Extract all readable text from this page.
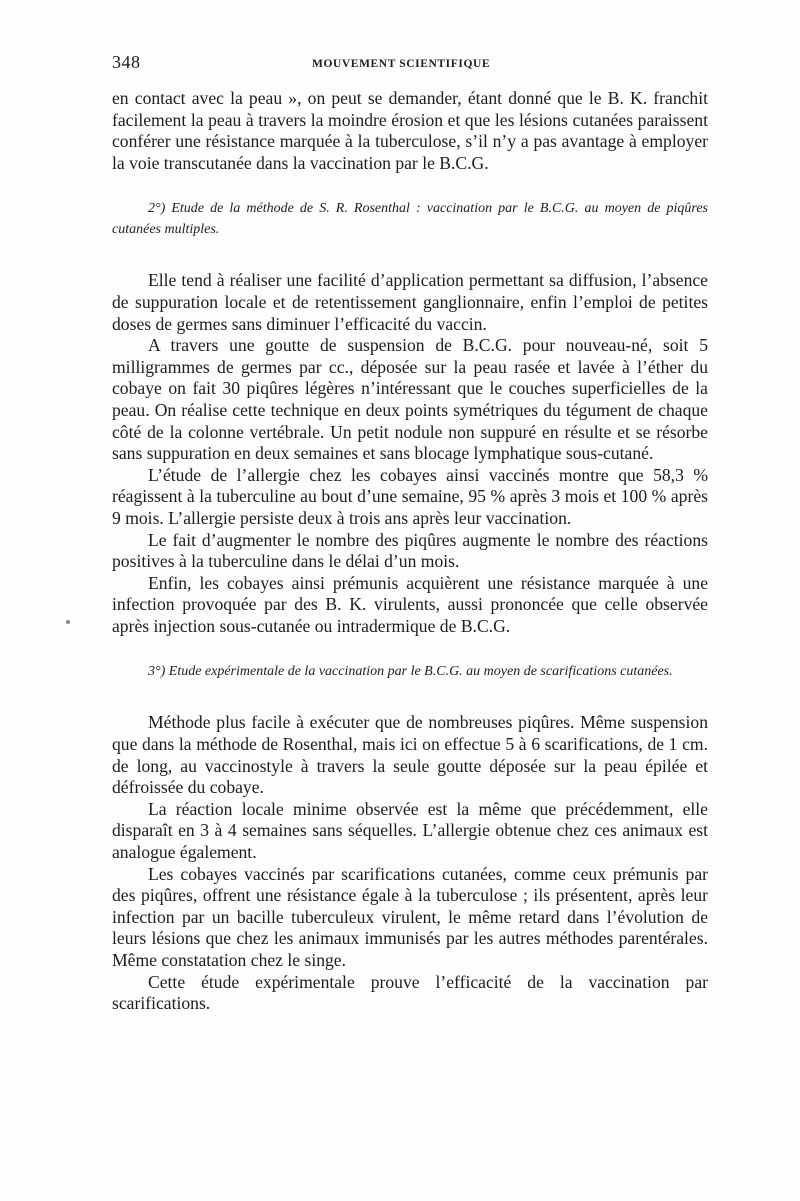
348	MOUVEMENT SCIENTIFIQUE

en contact avec la peau », on peut se demander, étant donné que le B. K. franchit facilement la peau à travers la moindre érosion et que les lésions cutanées paraissent conférer une résistance marquée à la tuberculose, s’il n’y a pas avantage à employer la voie transcutanée dans la vaccination par le B.C.G.

2°) Etude de la méthode de S. R. Rosenthal : vaccination par le B.C.G. au moyen de piqûres cutanées multiples.

Elle tend à réaliser une facilité d’application permettant sa diffusion, l’absence de suppuration locale et de retentissement ganglionnaire, enfin l’emploi de petites doses de germes sans diminuer l’efficacité du vaccin.

A travers une goutte de suspension de B.C.G. pour nouveau-né, soit 5 milligrammes de germes par cc., déposée sur la peau rasée et lavée à l’éther du cobaye on fait 30 piqûres légères n’intéressant que le couches superficielles de la peau. On réalise cette technique en deux points symétriques du tégument de chaque côté de la colonne vertébrale. Un petit nodule non suppuré en résulte et se résorbe sans suppuration en deux semaines et sans blocage lymphatique sous-cutané.

L’étude de l’allergie chez les cobayes ainsi vaccinés montre que 58,3 % réagissent à la tuberculine au bout d’une semaine, 95 % après 3 mois et 100 % après 9 mois. L’allergie persiste deux à trois ans après leur vaccination.

Le fait d’augmenter le nombre des piqûres augmente le nombre des réactions positives à la tuberculine dans le délai d’un mois.

Enfin, les cobayes ainsi prémunis acquièrent une résistance marquée à une infection provoquée par des B. K. virulents, aussi prononcée que celle observée après injection sous-cutanée ou intradermique de B.C.G.

3°) Etude expérimentale de la vaccination par le B.C.G. au moyen de scarifications cutanées.

Méthode plus facile à exécuter que de nombreuses piqûres. Même suspension que dans la méthode de Rosenthal, mais ici on effectue 5 à 6 scarifications, de 1 cm. de long, au vaccinostyle à travers la seule goutte déposée sur la peau épilée et défroissée du cobaye.

La réaction locale minime observée est la même que précédemment, elle disparaît en 3 à 4 semaines sans séquelles. L’allergie obtenue chez ces animaux est analogue également.

Les cobayes vaccinés par scarifications cutanées, comme ceux prémunis par des piqûres, offrent une résistance égale à la tuberculose ; ils présentent, après leur infection par un bacille tuberculeux virulent, le même retard dans l’évolution de leurs lésions que chez les animaux immunisés par les autres méthodes parentérales. Même constatation chez le singe.

Cette étude expérimentale prouve l’efficacité de la vaccination par scarifications.
